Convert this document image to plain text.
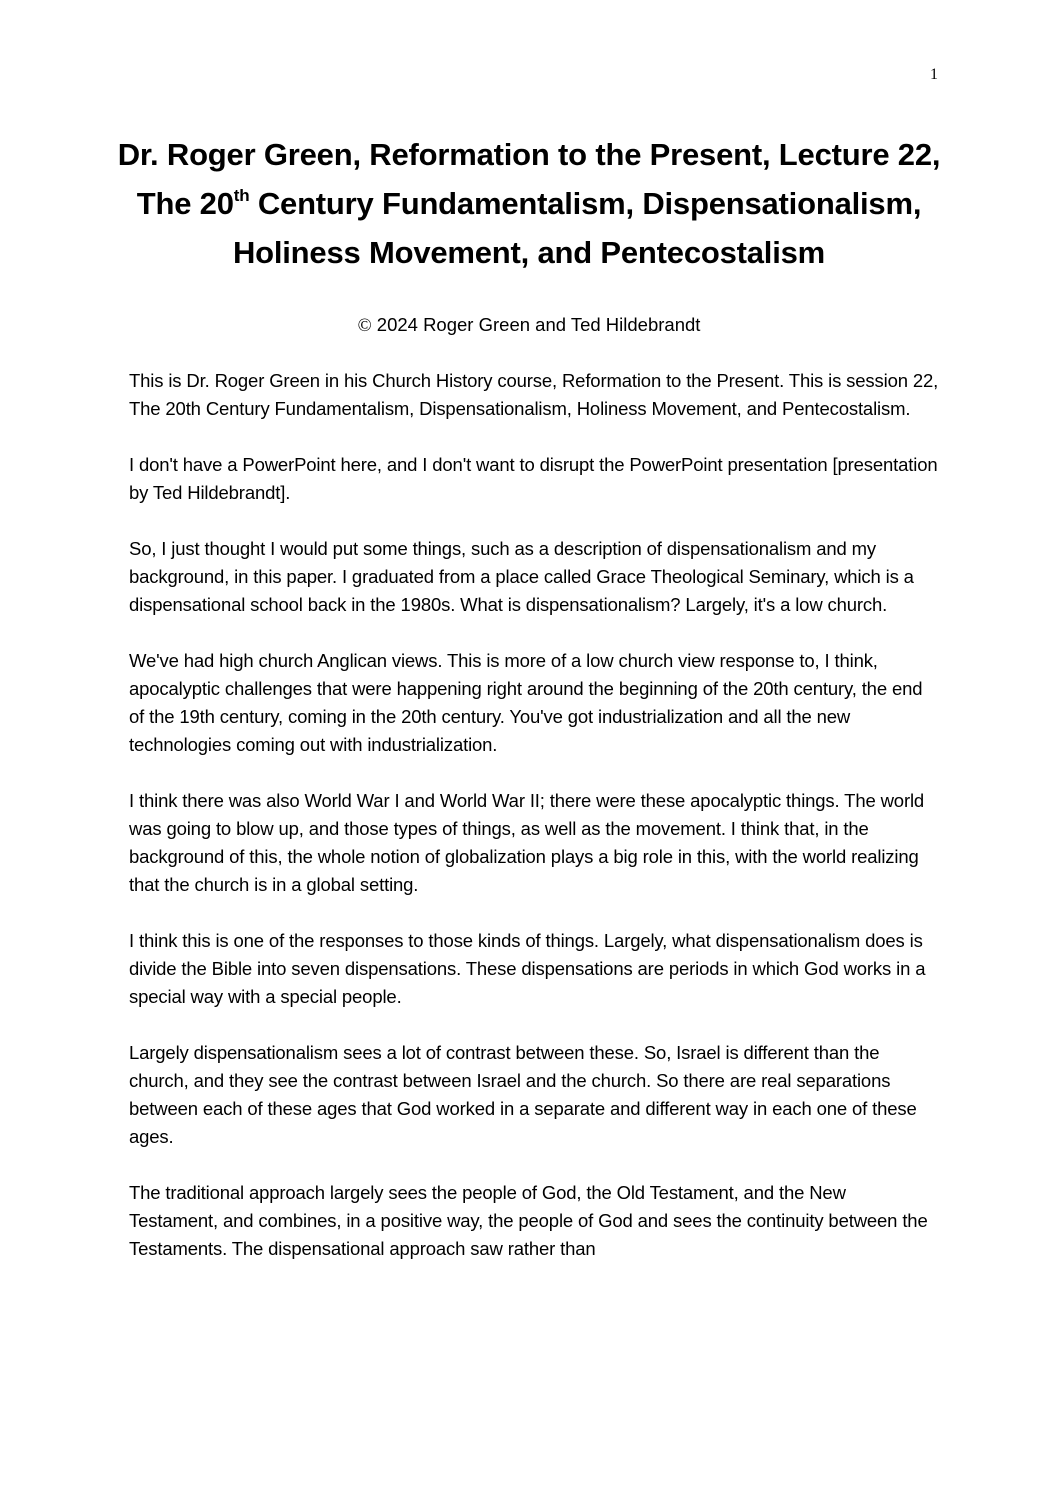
1
Dr. Roger Green, Reformation to the Present, Lecture 22, The 20th Century Fundamentalism, Dispensationalism, Holiness Movement, and Pentecostalism
© 2024 Roger Green and Ted Hildebrandt

This is Dr. Roger Green in his Church History course, Reformation to the Present. This is session 22, The 20th Century Fundamentalism, Dispensationalism, Holiness Movement, and Pentecostalism.

I don't have a PowerPoint here, and I don't want to disrupt the PowerPoint presentation [presentation by Ted Hildebrandt].

So, I just thought I would put some things, such as a description of dispensationalism and my background, in this paper. I graduated from a place called Grace Theological Seminary, which is a dispensational school back in the 1980s. What is dispensationalism? Largely, it's a low church.

We've had high church Anglican views. This is more of a low church view response to, I think, apocalyptic challenges that were happening right around the beginning of the 20th century, the end of the 19th century, coming in the 20th century. You've got industrialization and all the new technologies coming out with industrialization.

I think there was also World War I and World War II; there were these apocalyptic things. The world was going to blow up, and those types of things, as well as the movement. I think that, in the background of this, the whole notion of globalization plays a big role in this, with the world realizing that the church is in a global setting.

I think this is one of the responses to those kinds of things. Largely, what dispensationalism does is divide the Bible into seven dispensations. These dispensations are periods in which God works in a special way with a special people.

Largely dispensationalism sees a lot of contrast between these. So, Israel is different than the church, and they see the contrast between Israel and the church. So there are real separations between each of these ages that God worked in a separate and different way in each one of these ages.

The traditional approach largely sees the people of God, the Old Testament, and the New Testament, and combines, in a positive way, the people of God and sees the continuity between the Testaments. The dispensational approach saw rather than
